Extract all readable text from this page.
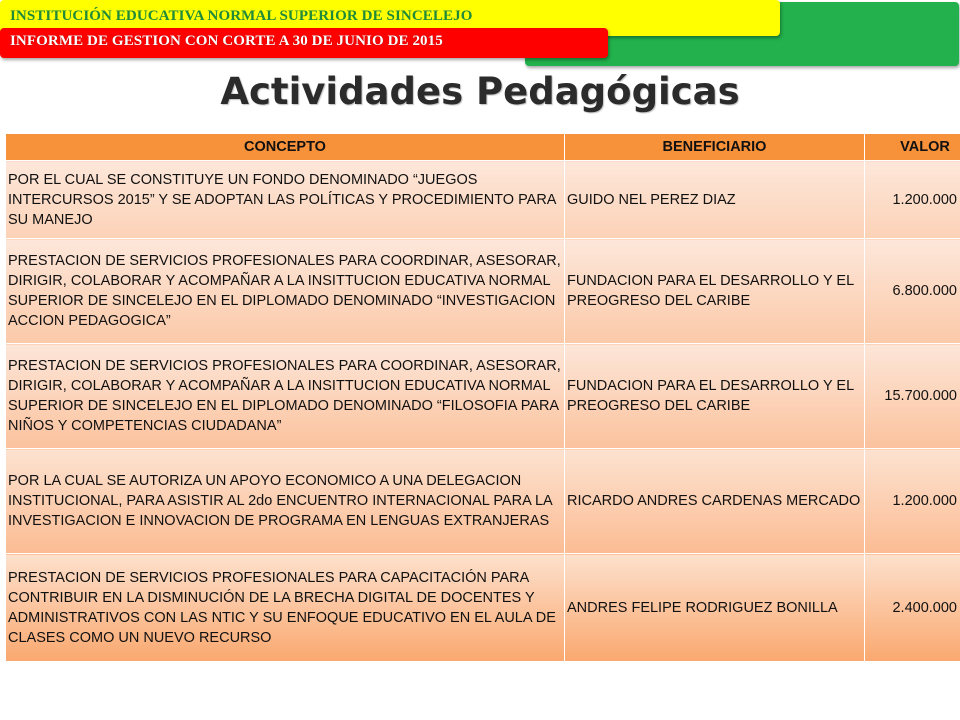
INSTITUCIÓN EDUCATIVA NORMAL SUPERIOR DE SINCELEJO
INFORME DE GESTION CON CORTE A 30 DE JUNIO DE 2015
Actividades Pedagógicas
CONCEPTO	BENEFICIARIO	VALOR
POR EL CUAL SE CONSTITUYE UN FONDO DENOMINADO “JUEGOS INTERCURSOS 2015” Y SE ADOPTAN LAS POLÍTICAS Y PROCEDIMIENTO PARA SU MANEJO	GUIDO NEL PEREZ DIAZ	1.200.000
PRESTACION DE SERVICIOS PROFESIONALES PARA COORDINAR, ASESORAR, DIRIGIR, COLABORAR Y ACOMPAÑAR A LA INSITTUCION EDUCATIVA NORMAL SUPERIOR DE SINCELEJO EN EL DIPLOMADO DENOMINADO “INVESTIGACION ACCION PEDAGOGICA”	FUNDACION PARA EL DESARROLLO Y EL PREOGRESO DEL CARIBE	6.800.000
PRESTACION DE SERVICIOS PROFESIONALES PARA COORDINAR, ASESORAR, DIRIGIR, COLABORAR Y ACOMPAÑAR A LA INSITTUCION EDUCATIVA NORMAL SUPERIOR DE SINCELEJO EN EL DIPLOMADO DENOMINADO “FILOSOFIA PARA NIÑOS Y COMPETENCIAS CIUDADANA”	FUNDACION PARA EL DESARROLLO Y EL PREOGRESO DEL CARIBE	15.700.000
POR LA CUAL SE AUTORIZA UN APOYO ECONOMICO A UNA DELEGACION INSTITUCIONAL, PARA ASISTIR AL 2do ENCUENTRO INTERNACIONAL PARA LA INVESTIGACION E INNOVACION DE PROGRAMA EN LENGUAS EXTRANJERAS	RICARDO ANDRES CARDENAS MERCADO	1.200.000
PRESTACION DE SERVICIOS PROFESIONALES PARA CAPACITACIÓN PARA CONTRIBUIR EN LA DISMINUCIÓN DE LA BRECHA DIGITAL DE DOCENTES Y ADMINISTRATIVOS CON LAS NTIC Y SU ENFOQUE EDUCATIVO EN EL AULA DE CLASES COMO UN NUEVO RECURSO	ANDRES FELIPE RODRIGUEZ BONILLA	2.400.000
